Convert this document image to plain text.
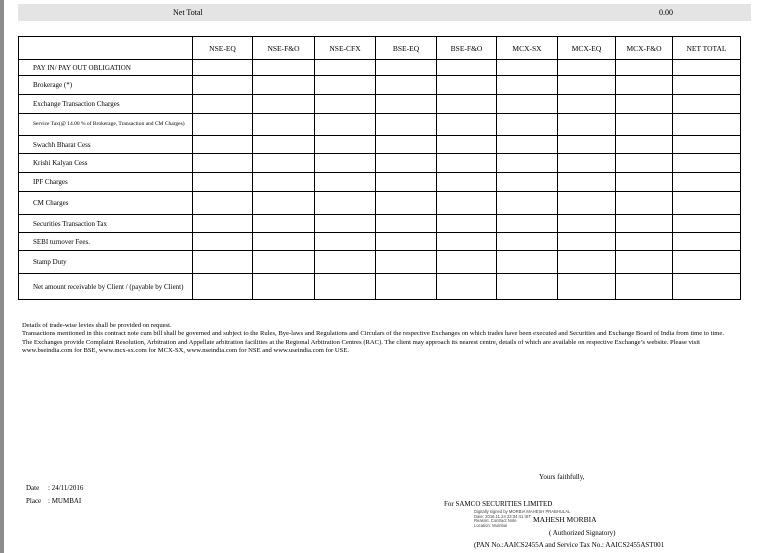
Net Total	0.00
	NSE-EQ	NSE-F&O	NSE-CFX	BSE-EQ	BSE-F&O	MCX-SX	MCX-EQ	MCX-F&O	NET TOTAL
PAY IN/ PAY OUT OBLIGATION									
Brokerage (*)									
Exchange Transaction Charges									
Service Tax(@ 14.00 % of Brokerage, Transaction and CM Charges)									
Swachh Bharat Cess									
Krishi Kalyan Cess									
IPF Charges									
CM Charges									
Securities Transaction Tax									
SEBI turnover Fees.									
Stamp Duty									
Net amount receivable by Client / (payable by Client)									

Details of trade-wise levies shall be provided on request.

Transactions mentioned in this contract note cum bill shall be governed and subject to the Rules, Bye-laws and Regulations and Circulars of the respective Exchanges on which trades have been executed and Securities and Exchange Board of India from time to time. The Exchanges provide Complaint Resolution, Arbitration and Appellate arbitration facilities at the Regional Arbitration Centres (RAC). The client may approach its nearest centre, details of which are available on respective Exchange’s website. Please visit www.bseindia.com for BSE, www.mcx-sx.com for MCX-SX, www.nseindia.com for NSE and www.useindia.com for USE.

Yours faithfully,
Date : 24/11/2016
Place : MUMBAI	For SAMCO SECURITIES LIMITED
Digitally signed by MORBIA MAHESH PRABHULAL
Date: 2016.11.24 23:34:41 IST
Reason: Contract Note
Location: Mumbai
MAHESH MORBIA
( Authorized Signatory)
(PAN No.:AAICS2455A and Service Tax No.: AAICS2455AST001
